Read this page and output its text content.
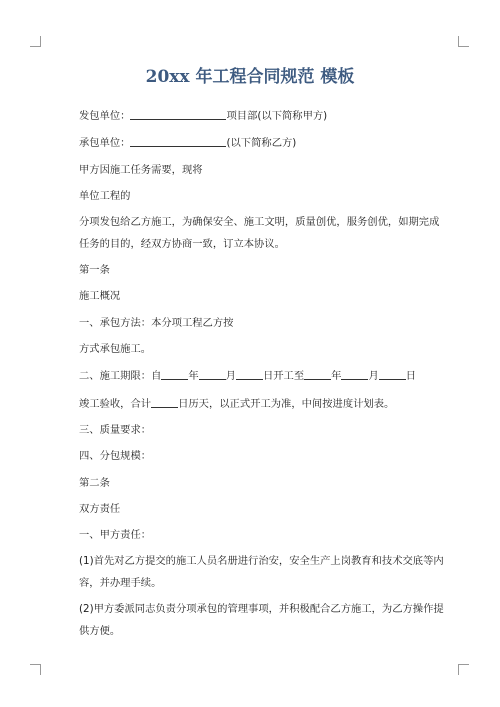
20xx 年工程合同规范 模板
发包单位：	项目部(以下简称甲方)
承包单位：	(以下简称乙方)
甲方因施工任务需要，现将
单位工程的
分项发包给乙方施工，为确保安全、施工文明，质量创优，服务创优，如期完成任务的目的，经双方协商一致，订立本协议。
第一条
施工概况
一、承包方法：本分项工程乙方按
方式承包施工。
二、施工期限：自	年	月	日开工至	年	月	日
竣工验收，合计	日历天，以正式开工为准，中间按进度计划表。
三、质量要求：
四、分包规模：
第二条
双方责任
一、甲方责任：
(1)首先对乙方提交的施工人员名册进行治安，安全生产上岗教育和技术交底等内容，并办理手续。
(2)甲方委派同志负责分项承包的管理事项，并积极配合乙方施工，为乙方操作提供方便。
